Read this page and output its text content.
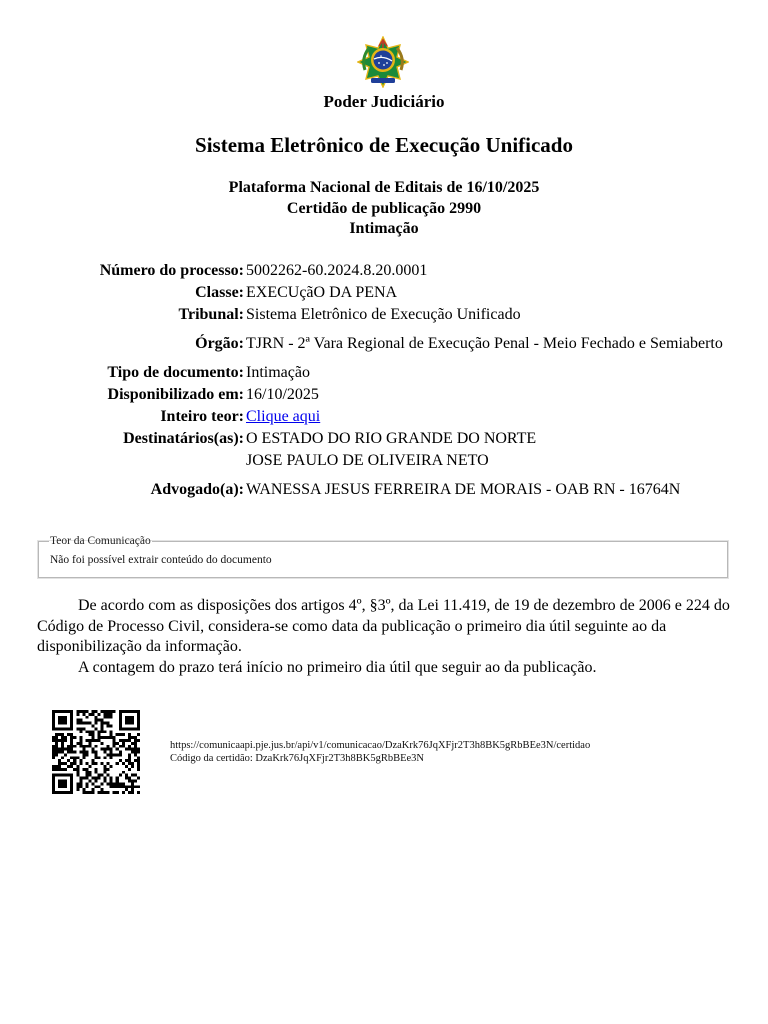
Poder Judiciário
Sistema Eletrônico de Execução Unificado
Plataforma Nacional de Editais de 16/10/2025
Certidão de publicação 2990
Intimação
Número do processo:	5002262-60.2024.8.20.0001
Classe:	EXECUçãO DA PENA
Tribunal:	Sistema Eletrônico de Execução Unificado
Órgão:	TJRN - 2ª Vara Regional de Execução Penal - Meio Fechado e Semiaberto
Tipo de documento:	Intimação
Disponibilizado em:	16/10/2025
Inteiro teor:	Clique aqui
Destinatários(as):	O ESTADO DO RIO GRANDE DO NORTE
	JOSE PAULO DE OLIVEIRA NETO
Advogado(a):	WANESSA JESUS FERREIRA DE MORAIS - OAB RN - 16764N
Teor da Comunicação
Não foi possível extrair conteúdo do documento

De acordo com as disposições dos artigos 4º, §3º, da Lei 11.419, de 19 de dezembro de 2006 e 224 do Código de Processo Civil, considera-se como data da publicação o primeiro dia útil seguinte ao da disponibilização da informação.

A contagem do prazo terá início no primeiro dia útil que seguir ao da publicação.

https://comunicaapi.pje.jus.br/api/v1/comunicacao/DzaKrk76JqXFjr2T3h8BK5gRbBEe3N/certidao
Código da certidão: DzaKrk76JqXFjr2T3h8BK5gRbBEe3N
